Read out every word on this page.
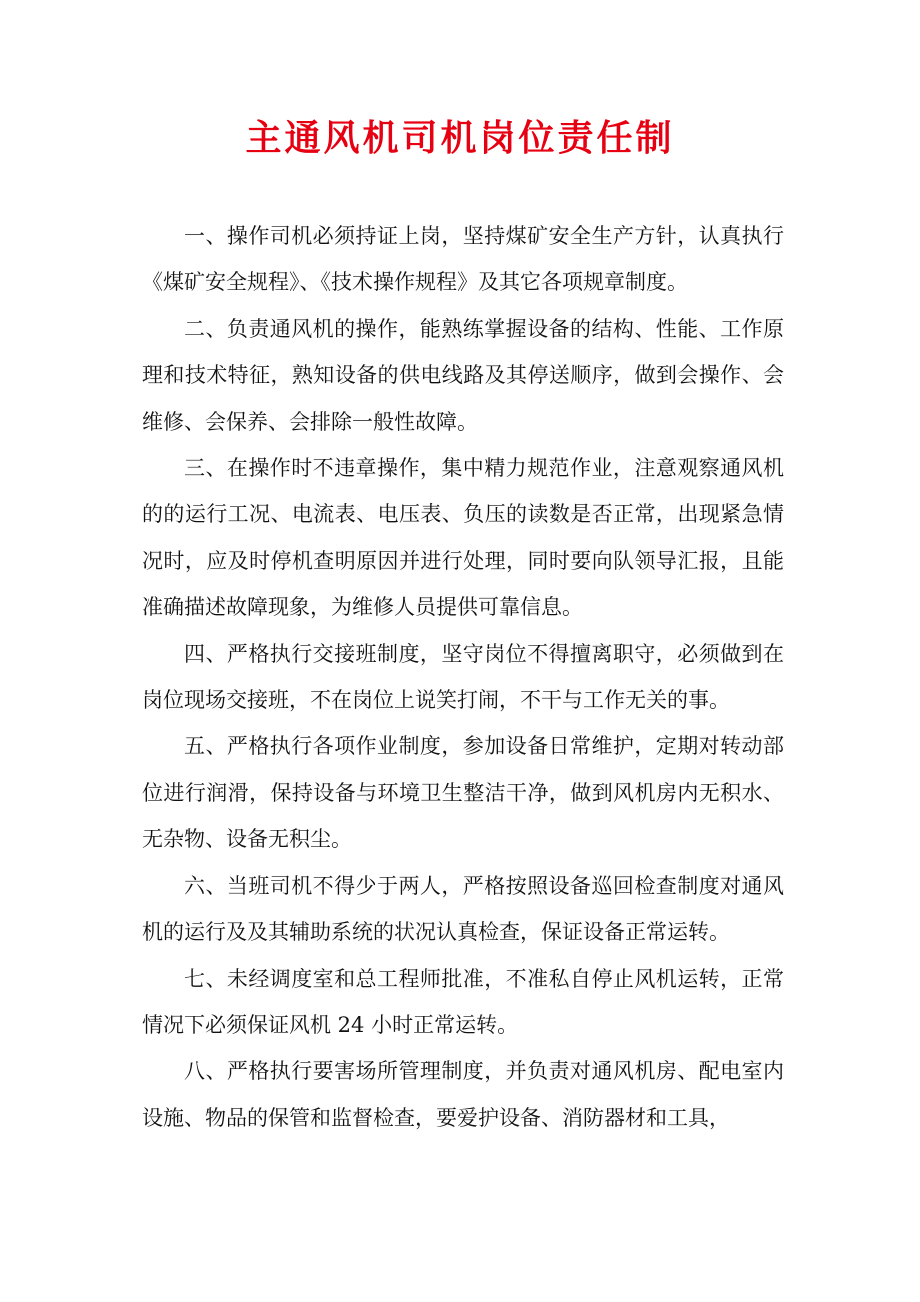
主通风机司机岗位责任制

一、操作司机必须持证上岗，坚持煤矿安全生产方针，认真执行《煤矿安全规程》、《技术操作规程》及其它各项规章制度。

二、负责通风机的操作，能熟练掌握设备的结构、性能、工作原理和技术特征，熟知设备的供电线路及其停送顺序，做到会操作、会维修、会保养、会排除一般性故障。

三、在操作时不违章操作，集中精力规范作业，注意观察通风机的的运行工况、电流表、电压表、负压的读数是否正常，出现紧急情况时，应及时停机查明原因并进行处理，同时要向队领导汇报，且能准确描述故障现象，为维修人员提供可靠信息。

四、严格执行交接班制度，坚守岗位不得擅离职守，必须做到在岗位现场交接班，不在岗位上说笑打闹，不干与工作无关的事。

五、严格执行各项作业制度，参加设备日常维护，定期对转动部位进行润滑，保持设备与环境卫生整洁干净，做到风机房内无积水、无杂物、设备无积尘。

六、当班司机不得少于两人，严格按照设备巡回检查制度对通风机的运行及及其辅助系统的状况认真检查，保证设备正常运转。

七、未经调度室和总工程师批准，不准私自停止风机运转，正常情况下必须保证风机 24 小时正常运转。

八、严格执行要害场所管理制度，并负责对通风机房、配电室内设施、物品的保管和监督检查，要爱护设备、消防器材和工具，
